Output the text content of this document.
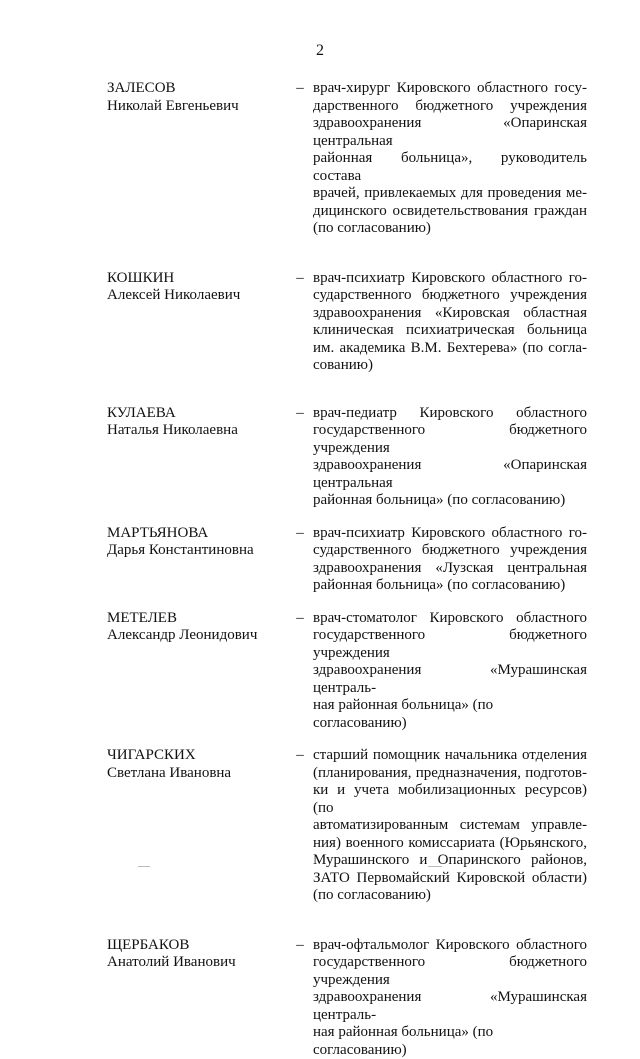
2
ЗАЛЕСОВ
Николай Евгеньевич
– врач-хирург Кировского областного госу-
дарственного бюджетного учреждения
здравоохранения «Опаринская центральная
районная больница», руководитель состава
врачей, привлекаемых для проведения ме-
дицинского освидетельствования граждан
(по согласованию)
КОШКИН
Алексей Николаевич
– врач-психиатр Кировского областного го-
сударственного бюджетного учреждения
здравоохранения «Кировская областная
клиническая психиатрическая больница
им. академика В.М. Бехтерева» (по согла-
сованию)
КУЛАЕВА
Наталья Николаевна
– врач-педиатр Кировского областного
государственного бюджетного учреждения
здравоохранения «Опаринская центральная
районная больница» (по согласованию)
МАРТЬЯНОВА
Дарья Константиновна
– врач-психиатр Кировского областного го-
сударственного бюджетного учреждения
здравоохранения «Лузская центральная
районная больница» (по согласованию)
МЕТЕЛЕВ
Александр Леонидович
– врач-стоматолог Кировского областного
государственного бюджетного учреждения
здравоохранения «Мурашинская централь-
ная районная больница» (по согласованию)
ЧИГАРСКИХ
Светлана Ивановна
– старший помощник начальника отделения
(планирования, предназначения, подготов-
ки и учета мобилизационных ресурсов) (по
автоматизированным системам управле-
ния) военного комиссариата (Юрьянского,
Мурашинского и Опаринского районов,
ЗАТО Первомайский Кировской области)
(по согласованию)
ЩЕРБАКОВ
Анатолий Иванович
– врач-офтальмолог Кировского областного
государственного бюджетного учреждения
здравоохранения «Мурашинская централь-
ная районная больница» (по согласованию)
